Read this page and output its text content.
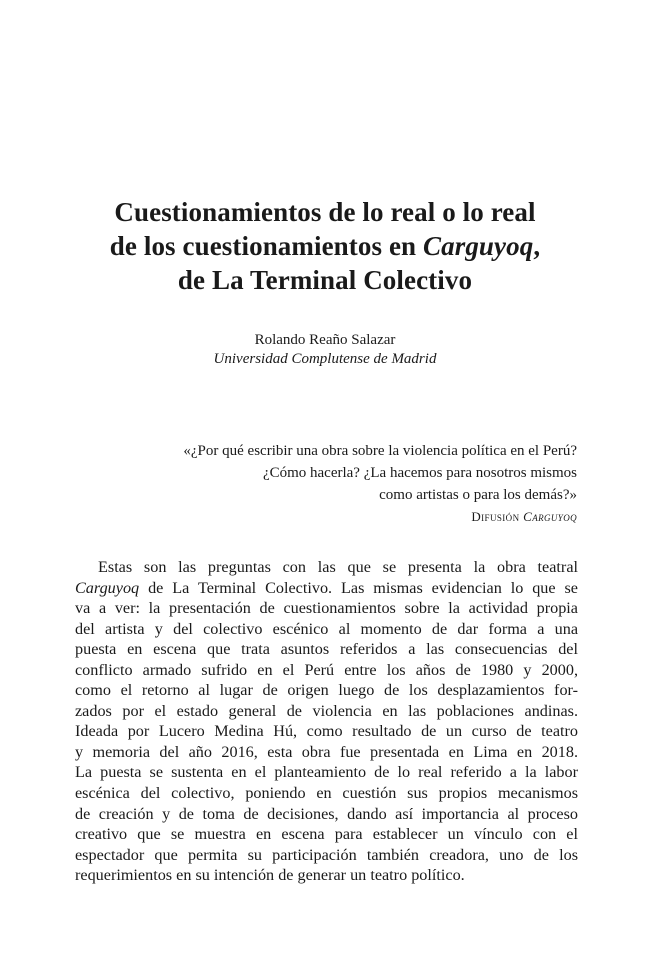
Cuestionamientos de lo real o lo real
de los cuestionamientos en Carguyoq,
de La Terminal Colectivo
Rolando Reaño Salazar
Universidad Complutense de Madrid
«¿Por qué escribir una obra sobre la violencia política en el Perú?
¿Cómo hacerla? ¿La hacemos para nosotros mismos
como artistas o para los demás?»
Difusión Carguyoq
Estas son las preguntas con las que se presenta la obra teatral
Carguyoq de La Terminal Colectivo. Las mismas evidencian lo que se
va a ver: la presentación de cuestionamientos sobre la actividad propia
del artista y del colectivo escénico al momento de dar forma a una
puesta en escena que trata asuntos referidos a las consecuencias del
conflicto armado sufrido en el Perú entre los años de 1980 y 2000,
como el retorno al lugar de origen luego de los desplazamientos for-
zados por el estado general de violencia en las poblaciones andinas.
Ideada por Lucero Medina Hú, como resultado de un curso de teatro
y memoria del año 2016, esta obra fue presentada en Lima en 2018.
La puesta se sustenta en el planteamiento de lo real referido a la labor
escénica del colectivo, poniendo en cuestión sus propios mecanismos
de creación y de toma de decisiones, dando así importancia al proceso
creativo que se muestra en escena para establecer un vínculo con el
espectador que permita su participación también creadora, uno de los
requerimientos en su intención de generar un teatro político.
